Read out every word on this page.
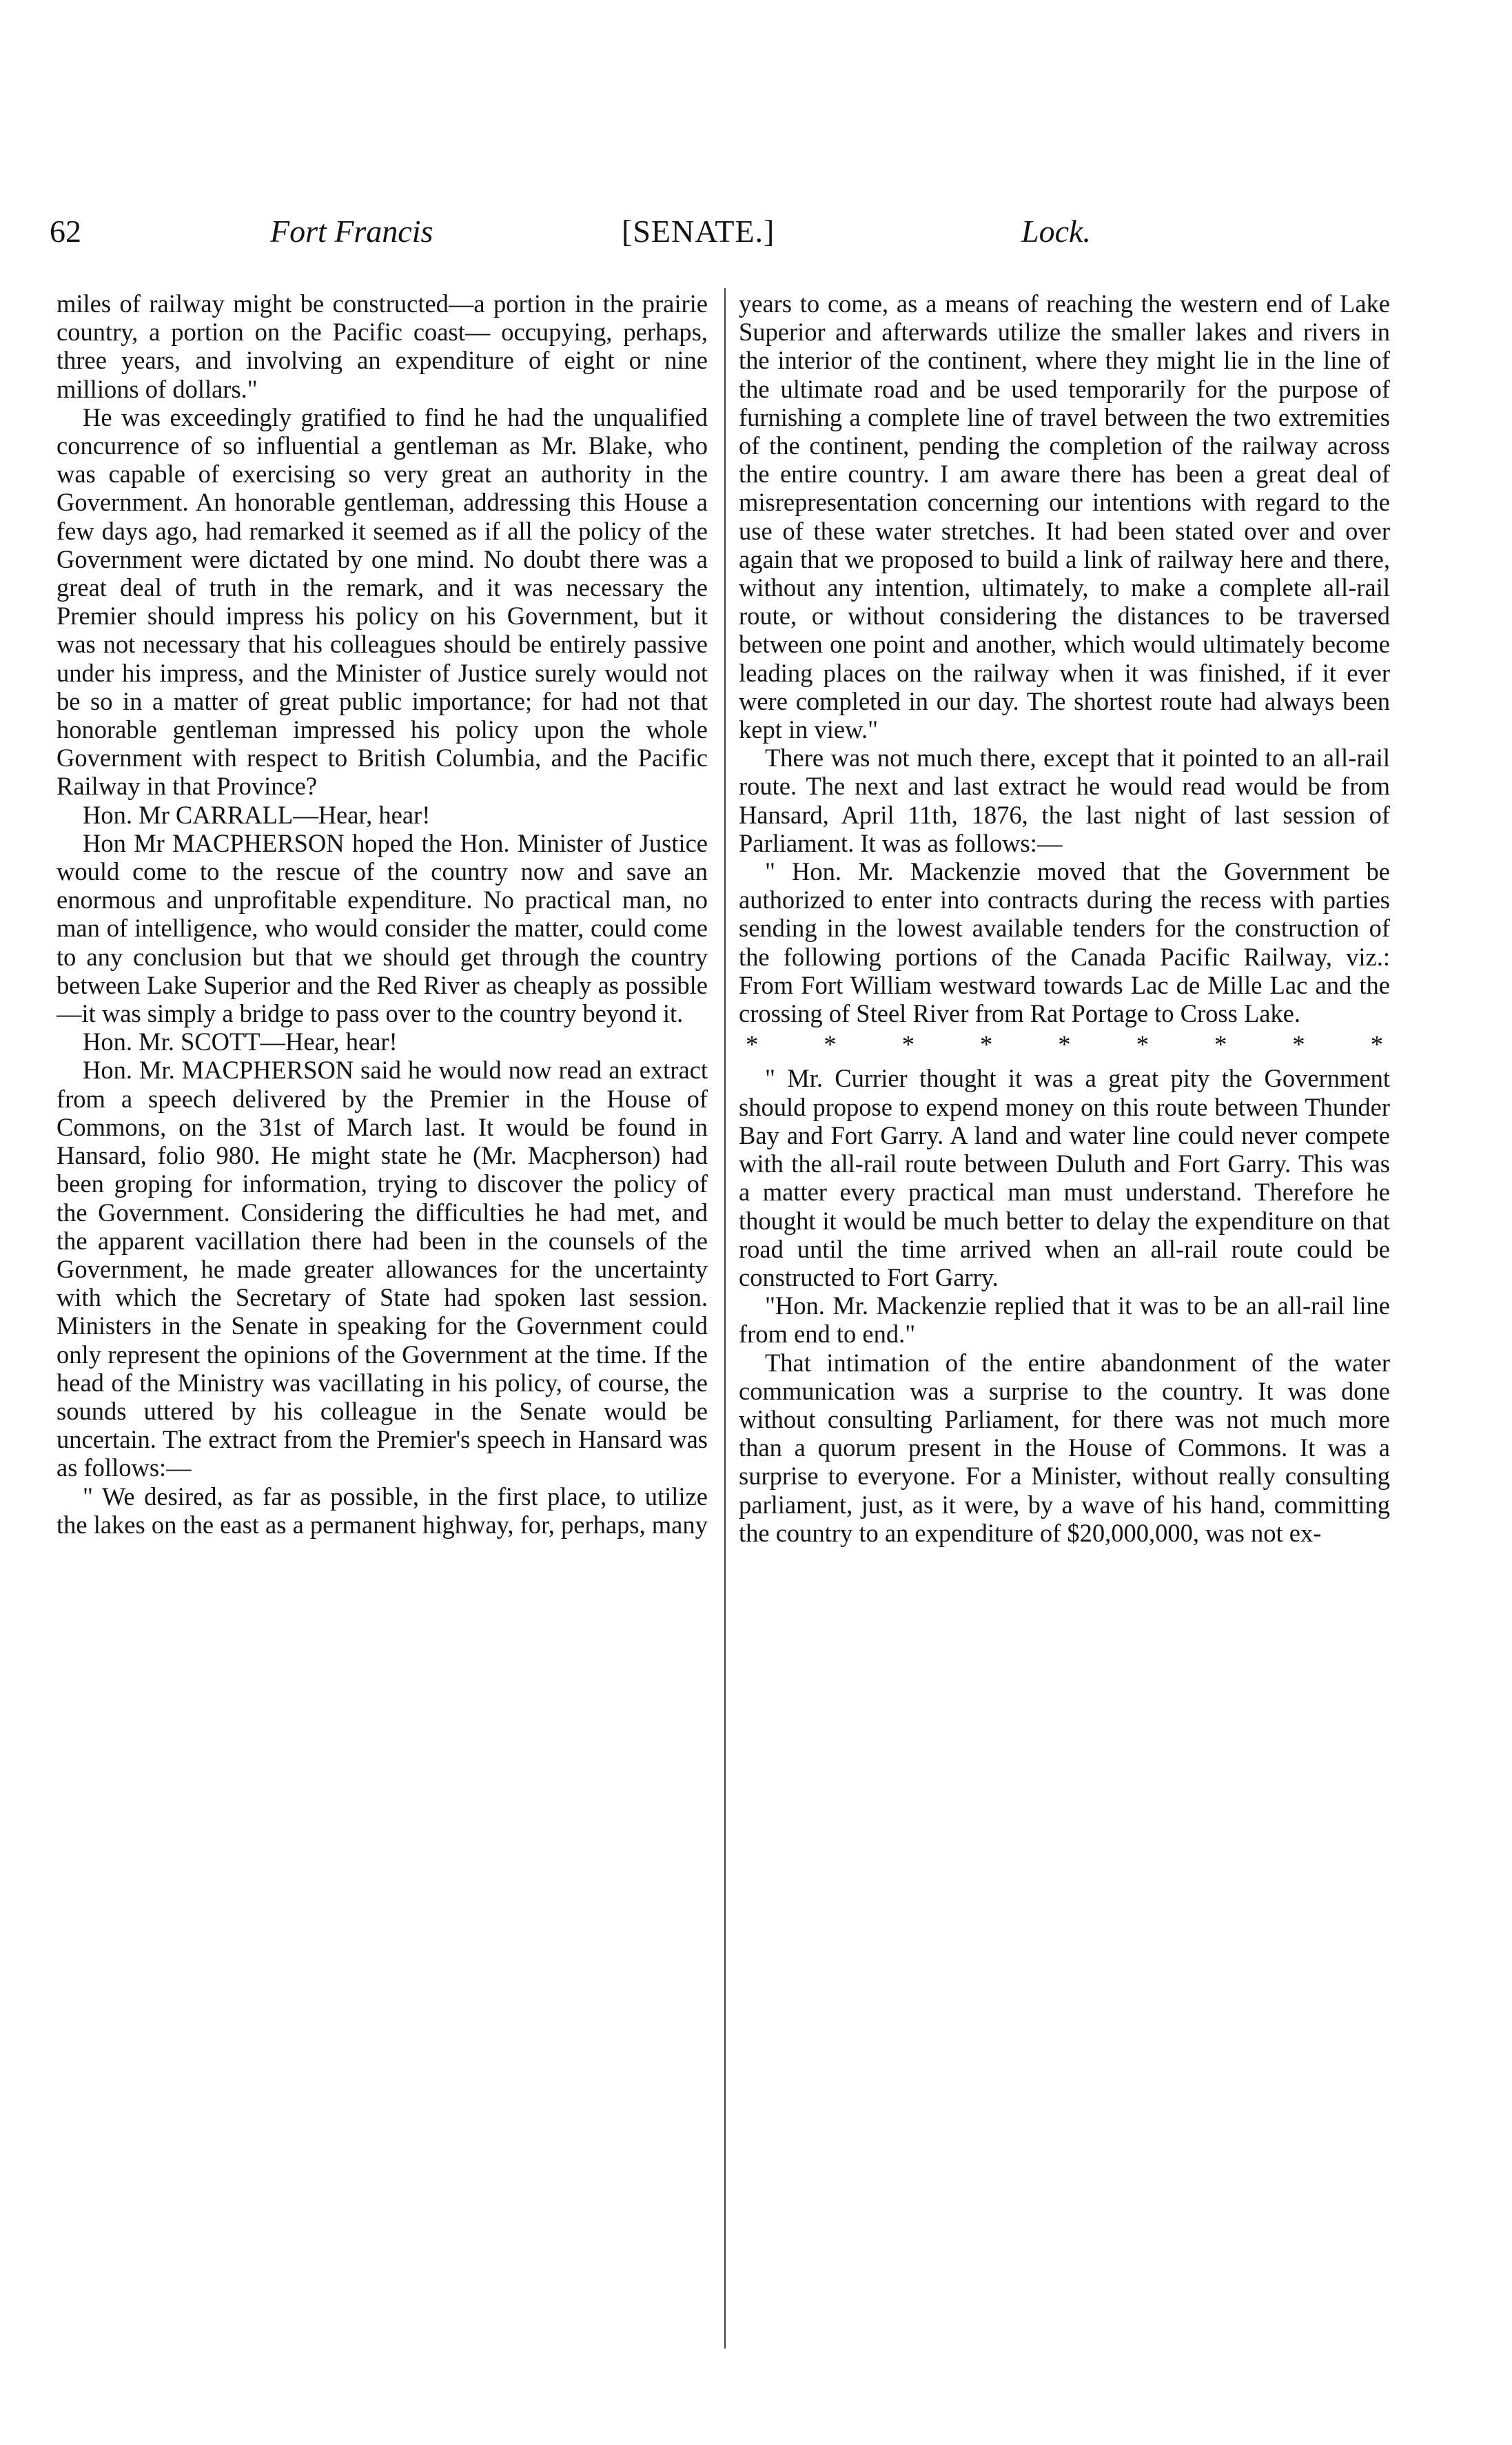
62	Fort Francis	[SENATE.]	Lock.

miles of railway might be constructed—a portion in the prairie country, a portion on the Pacific coast— occupying, perhaps, three years, and involving an expenditure of eight or nine millions of dollars."

He was exceedingly gratified to find he had the unqualified concurrence of so influential a gentleman as Mr. Blake, who was capable of exercising so very great an authority in the Government. An honorable gentleman, addressing this House a few days ago, had remarked it seemed as if all the policy of the Government were dictated by one mind. No doubt there was a great deal of truth in the remark, and it was necessary the Premier should impress his policy on his Government, but it was not necessary that his colleagues should be entirely passive under his impress, and the Minister of Justice surely would not be so in a matter of great public importance; for had not that honorable gentleman impressed his policy upon the whole Government with respect to British Columbia, and the Pacific Railway in that Province?

Hon. Mr CARRALL—Hear, hear!

Hon Mr MACPHERSON hoped the Hon. Minister of Justice would come to the rescue of the country now and save an enormous and unprofitable expenditure. No practical man, no man of intelligence, who would consider the matter, could come to any conclusion but that we should get through the country between Lake Superior and the Red River as cheaply as possible—it was simply a bridge to pass over to the country beyond it.

Hon. Mr. SCOTT—Hear, hear!

Hon. Mr. MACPHERSON said he would now read an extract from a speech delivered by the Premier in the House of Commons, on the 31st of March last. It would be found in Hansard, folio 980. He might state he (Mr. Macpherson) had been groping for information, trying to discover the policy of the Government. Considering the difficulties he had met, and the apparent vacillation there had been in the counsels of the Government, he made greater allowances for the uncertainty with which the Secretary of State had spoken last session. Ministers in the Senate in speaking for the Government could only represent the opinions of the Government at the time. If the head of the Ministry was vacillating in his policy, of course, the sounds uttered by his colleague in the Senate would be uncertain. The extract from the Premier's speech in Hansard was as follows:—

" We desired, as far as possible, in the first place, to utilize the lakes on the east as a permanent highway, for, perhaps, many

years to come, as a means of reaching the western end of Lake Superior and afterwards utilize the smaller lakes and rivers in the interior of the continent, where they might lie in the line of the ultimate road and be used temporarily for the purpose of furnishing a complete line of travel between the two extremities of the continent, pending the completion of the railway across the entire country. I am aware there has been a great deal of misrepresentation concerning our intentions with regard to the use of these water stretches. It had been stated over and over again that we proposed to build a link of railway here and there, without any intention, ultimately, to make a complete all-rail route, or without considering the distances to be traversed between one point and another, which would ultimately become leading places on the railway when it was finished, if it ever were completed in our day. The shortest route had always been kept in view."

There was not much there, except that it pointed to an all-rail route. The next and last extract he would read would be from Hansard, April 11th, 1876, the last night of last session of Parliament. It was as follows:—

" Hon. Mr. Mackenzie moved that the Government be authorized to enter into contracts during the recess with parties sending in the lowest available tenders for the construction of the following portions of the Canada Pacific Railway, viz.: From Fort William westward towards Lac de Mille Lac and the crossing of Steel River from Rat Portage to Cross Lake.

*	*	*	*	*	*	*	*	*

" Mr. Currier thought it was a great pity the Government should propose to expend money on this route between Thunder Bay and Fort Garry. A land and water line could never compete with the all-rail route between Duluth and Fort Garry. This was a matter every practical man must understand. Therefore he thought it would be much better to delay the expenditure on that road until the time arrived when an all-rail route could be constructed to Fort Garry.

"Hon. Mr. Mackenzie replied that it was to be an all-rail line from end to end."

That intimation of the entire abandonment of the water communication was a surprise to the country. It was done without consulting Parliament, for there was not much more than a quorum present in the House of Commons. It was a surprise to everyone. For a Minister, without really consulting parliament, just, as it were, by a wave of his hand, committing the country to an expenditure of $20,000,000, was not ex-
